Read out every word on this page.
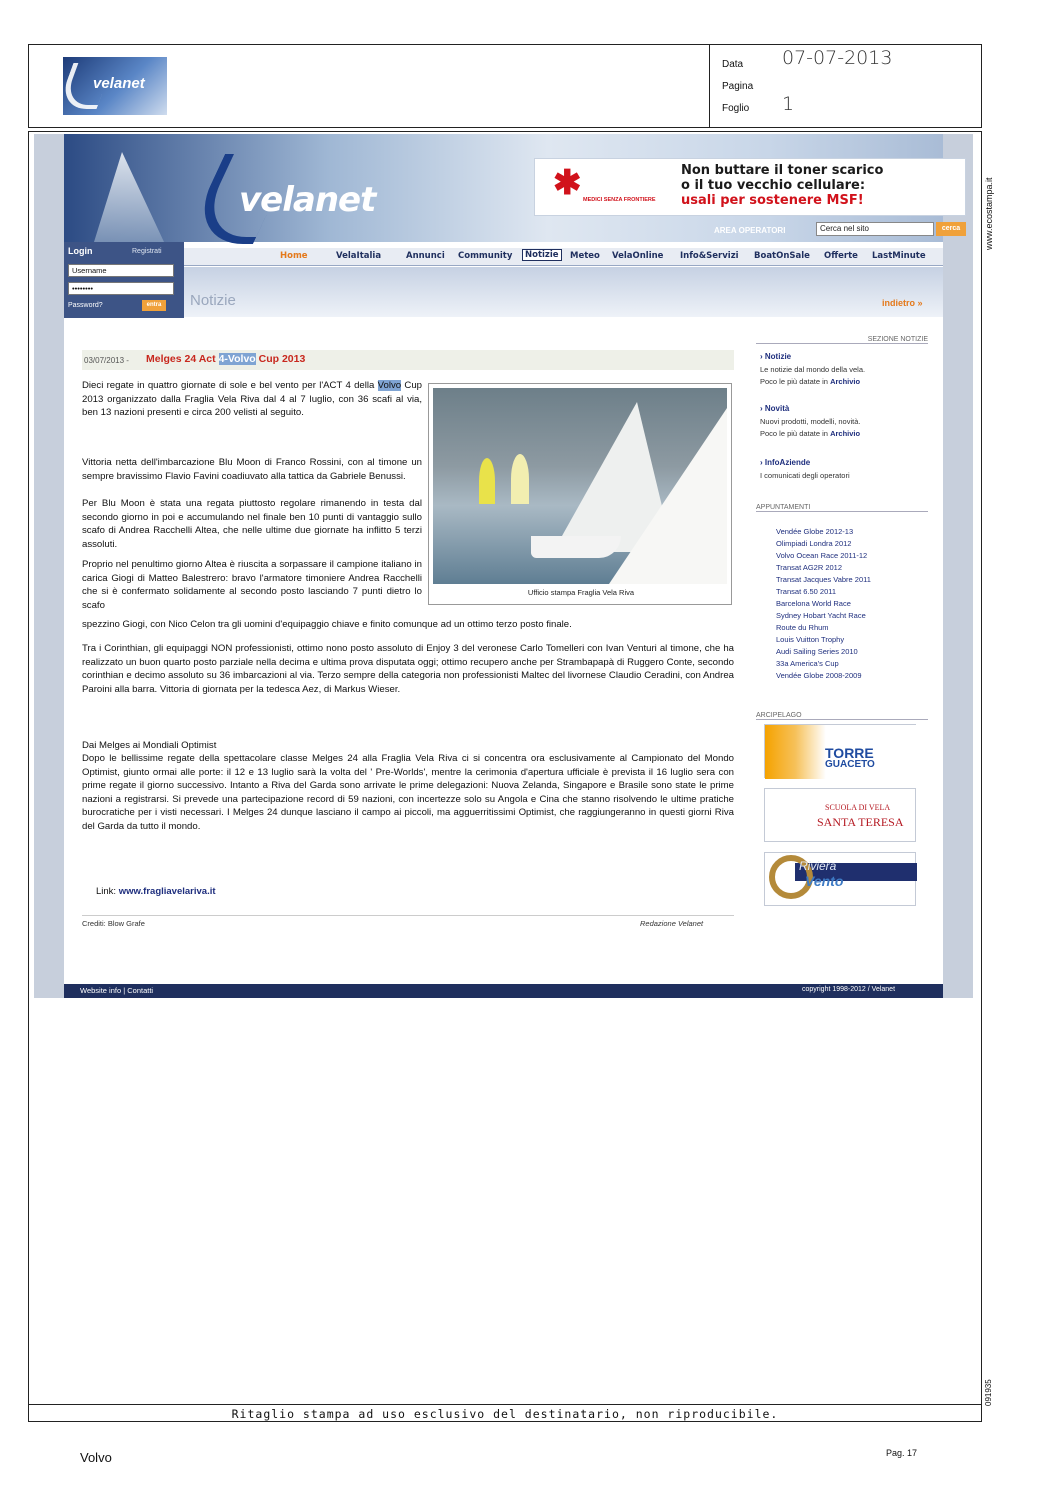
velanet
Data 07-07-2013
Pagina
Foglio 1
Ritaglio stampa ad uso esclusivo del destinatario, non riproducibile.
www.ecostampa.it
091935
Volvo	Pag. 17
velanet	✱ MEDICI SENZA FRONTIERE
Non buttare il toner scarico
o il tuo vecchio cellulare:
usali per sostenere MSF!
AREA OPERATORI	Cerca nel sito	cerca
Login	Registrati
Username
••••••••
Password?	entra
Home	VelaItalia	Annunci Community	Notizie	Meteo VelaOnline Info&Servizi BoatOnSale Offerte LastMinute
Notizie	indietro »
03/07/2013 - Melges 24 Act 4-Volvo Cup 2013
Dieci regate in quattro giornate di sole e bel vento per l'ACT 4 della Volvo Cup 2013 organizzato dalla Fraglia Vela Riva dal 4 al 7 luglio, con 36 scafi al via, ben 13 nazioni presenti e circa 200 velisti al seguito.
Vittoria netta dell'imbarcazione Blu Moon di Franco Rossini, con al timone un sempre bravissimo Flavio Favini coadiuvato alla tattica da Gabriele Benussi.
Per Blu Moon è stata una regata piuttosto regolare rimanendo in testa dal secondo giorno in poi e accumulando nel finale ben 10 punti di vantaggio sullo scafo di Andrea Racchelli Altea, che nelle ultime due giornate ha inflitto 5 terzi assoluti.
Proprio nel penultimo giorno Altea è riuscita a sorpassare il campione italiano in carica Giogi di Matteo Balestrero: bravo l'armatore timoniere Andrea Racchelli che si è confermato solidamente al secondo posto lasciando 7 punti dietro lo scafo
spezzino Giogi, con Nico Celon tra gli uomini d'equipaggio chiave e finito comunque ad un ottimo terzo posto finale.
Tra i Corinthian, gli equipaggi NON professionisti, ottimo nono posto assoluto di Enjoy 3 del veronese Carlo Tomelleri con Ivan Venturi al timone, che ha realizzato un buon quarto posto parziale nella decima e ultima prova disputata oggi; ottimo recupero anche per Strambapapà di Ruggero Conte, secondo corinthian e decimo assoluto su 36 imbarcazioni al via. Terzo sempre della categoria non professionisti Maltec del livornese Claudio Ceradini, con Andrea Paroini alla barra. Vittoria di giornata per la tedesca Aez, di Markus Wieser.
Dai Melges ai Mondiali Optimist
Dopo le bellissime regate della spettacolare classe Melges 24 alla Fraglia Vela Riva ci si concentra ora esclusivamente al Campionato del Mondo Optimist, giunto ormai alle porte: il 12 e 13 luglio sarà la volta del ' Pre-Worlds', mentre la cerimonia d'apertura ufficiale è prevista il 16 luglio sera con prime regate il giorno successivo. Intanto a Riva del Garda sono arrivate le prime delegazioni: Nuova Zelanda, Singapore e Brasile sono state le prime nazioni a registrarsi. Si prevede una partecipazione record di 59 nazioni, con incertezze solo su Angola e Cina che stanno risolvendo le ultime pratiche burocratiche per i visti necessari. I Melges 24 dunque lasciano il campo ai piccoli, ma agguerritissimi Optimist, che raggiungeranno in questi giorni Riva del Garda da tutto il mondo.
Ufficio stampa Fraglia Vela Riva
Link: www.fragliavelariva.it
Crediti: Blow Grafe	Redazione Velanet
SEZIONE NOTIZIE
› Notizie
Le notizie dal mondo della vela.
Poco le più datate in Archivio
› Novità
Nuovi prodotti, modelli, novità.
Poco le più datate in Archivio
› InfoAziende
I comunicati degli operatori
APPUNTAMENTI
Vendée Globe 2012-13
Olimpiadi Londra 2012
Volvo Ocean Race 2011-12
Transat AG2R 2012
Transat Jacques Vabre 2011
Transat 6.50 2011
Barcelona World Race
Sydney Hobart Yacht Race
Route du Rhum
Louis Vuitton Trophy
Audi Sailing Series 2010
33a America's Cup
Vendée Globe 2008-2009
ARCIPELAGO
TORRE
GUACETO
SCUOLA DI VELA
SANTA TERESA
Riviera
Vento
Website info | Contatti	copyright 1998-2012 / Velanet
